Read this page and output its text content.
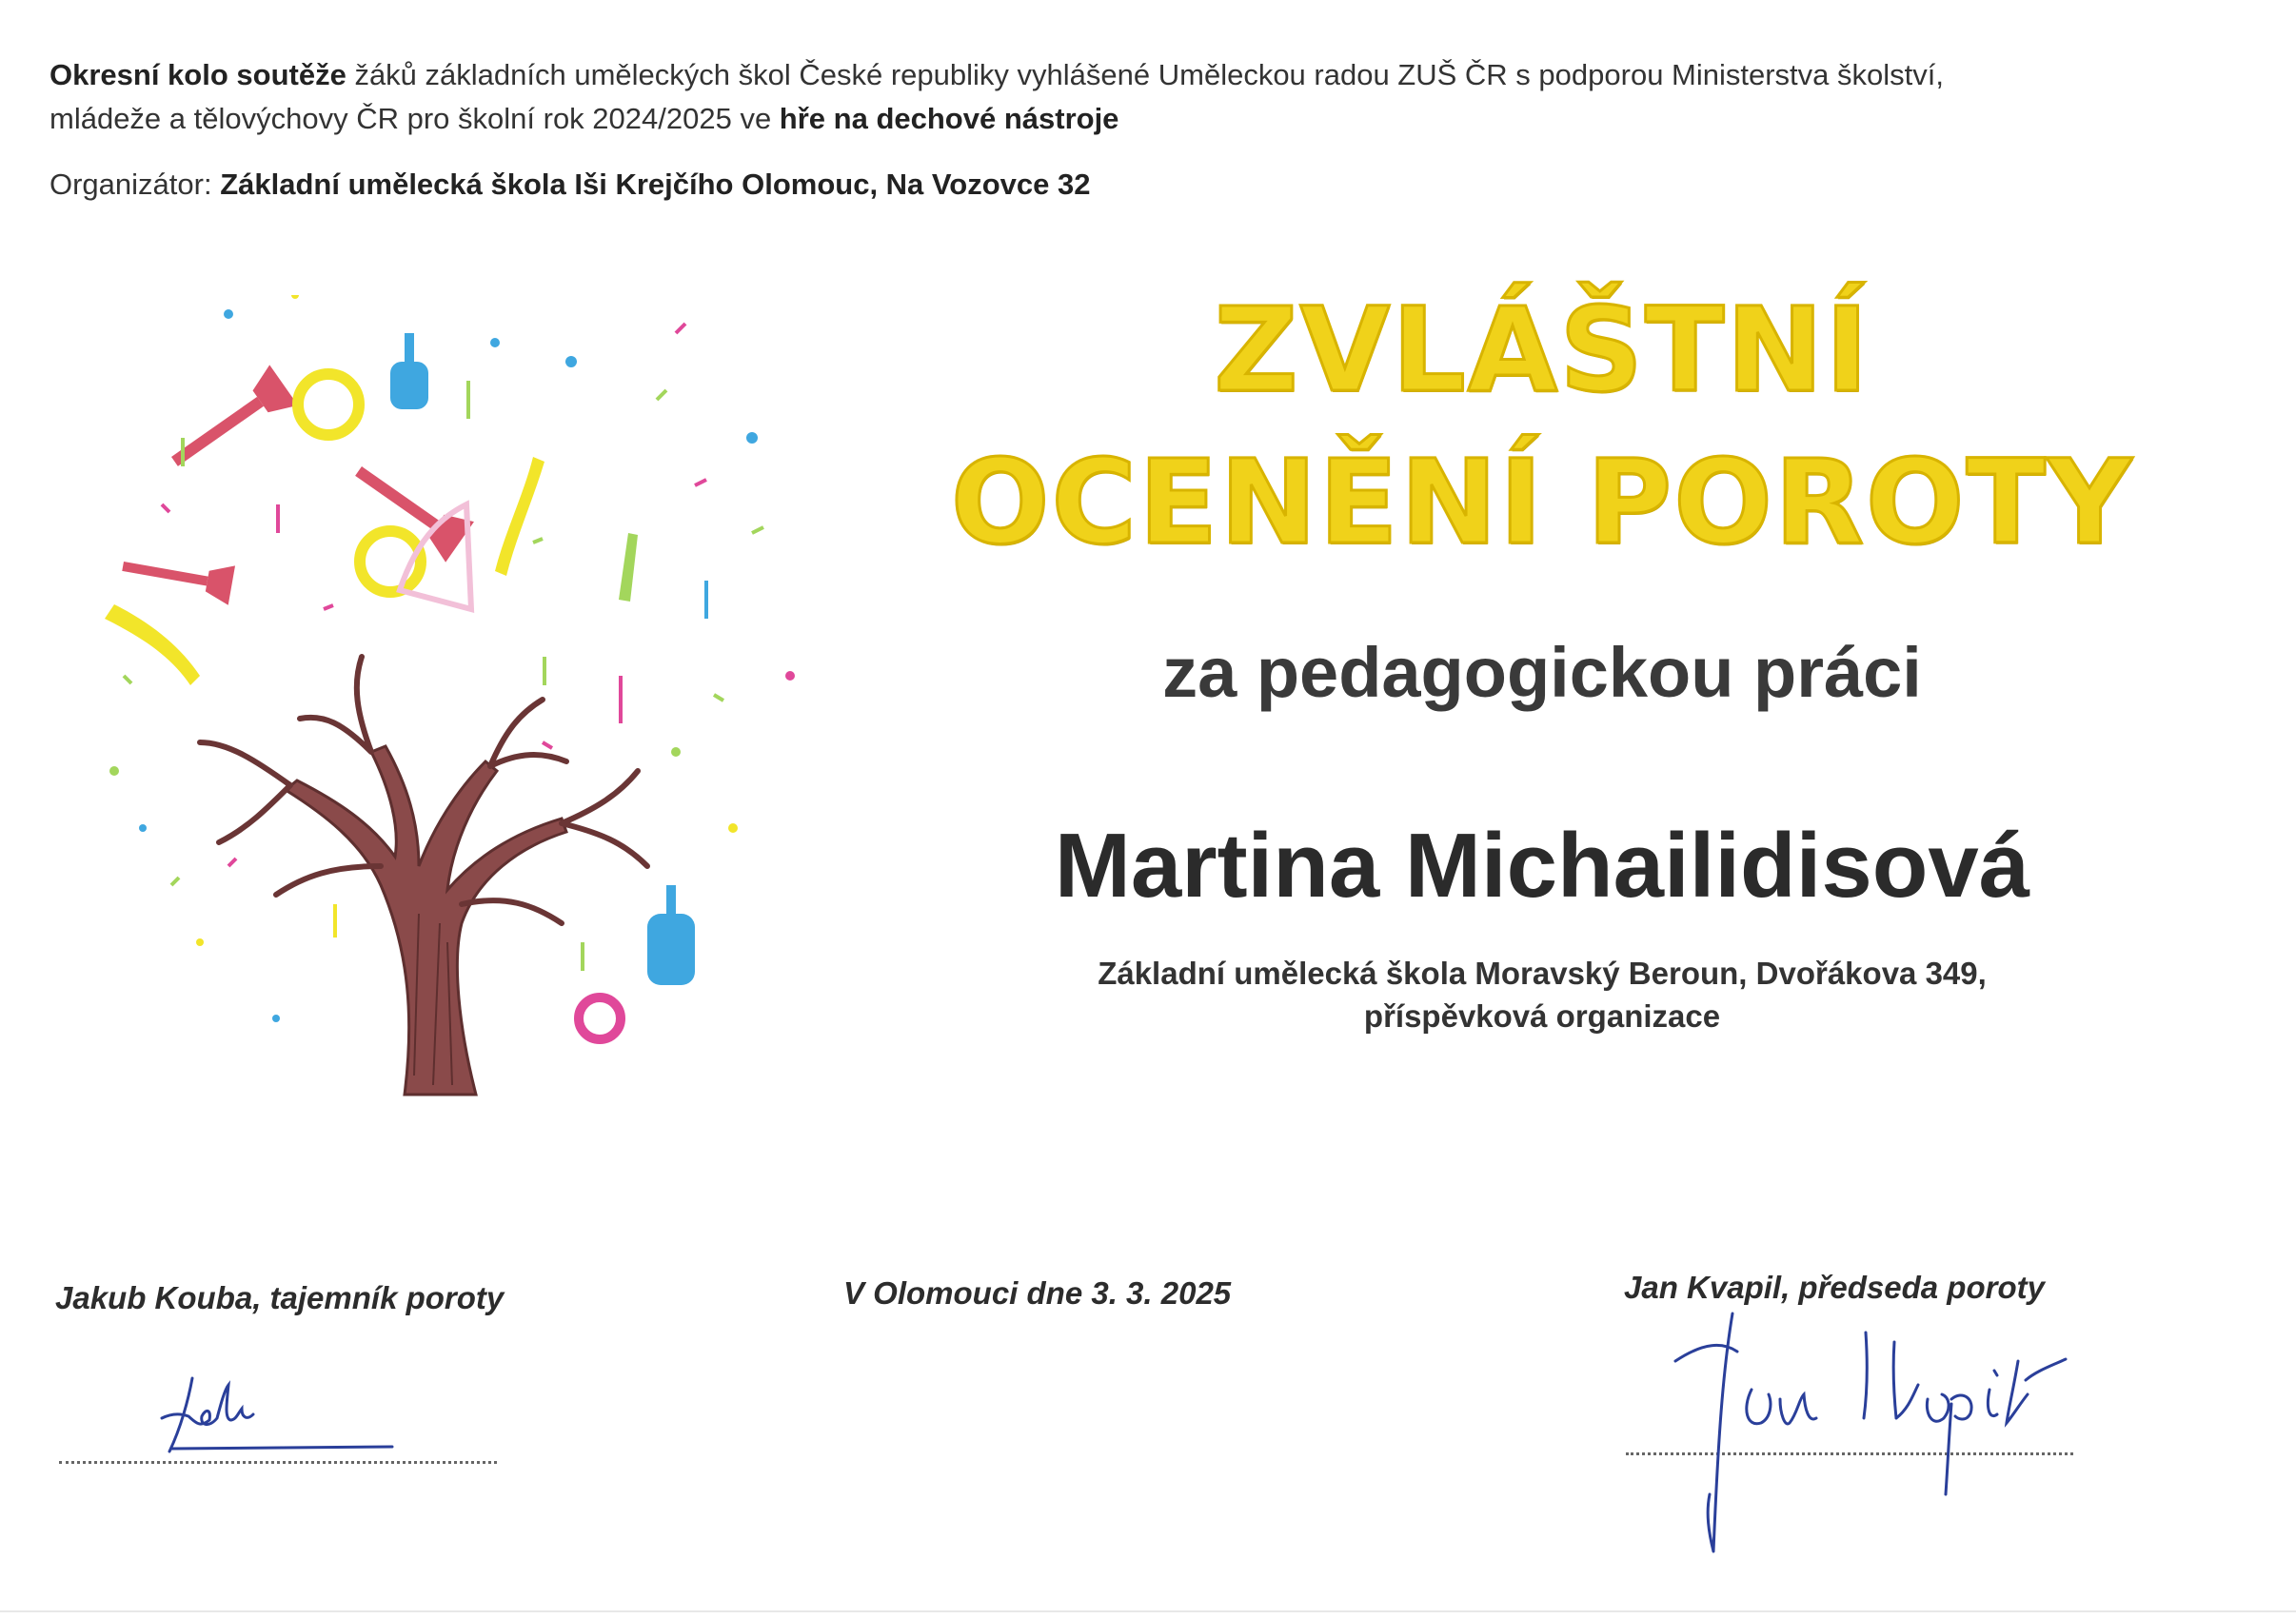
Okresní kolo soutěže žáků základních uměleckých škol České republiky vyhlášené Uměleckou radou ZUŠ ČR s podporou Ministerstva školství,
mládeže a tělovýchovy ČR pro školní rok 2024/2025 ve hře na dechové nástroje
Organizátor: Základní umělecká škola Iši Krejčího Olomouc, Na Vozovce 32
ZVLÁŠTNÍ
OCENĚNÍ POROTY
za pedagogickou práci
Martina Michailidisová
Základní umělecká škola Moravský Beroun, Dvořákova 349,
příspěvková organizace
Jakub Kouba, tajemník poroty	V Olomouci dne 3. 3. 2025	Jan Kvapil, předseda poroty
